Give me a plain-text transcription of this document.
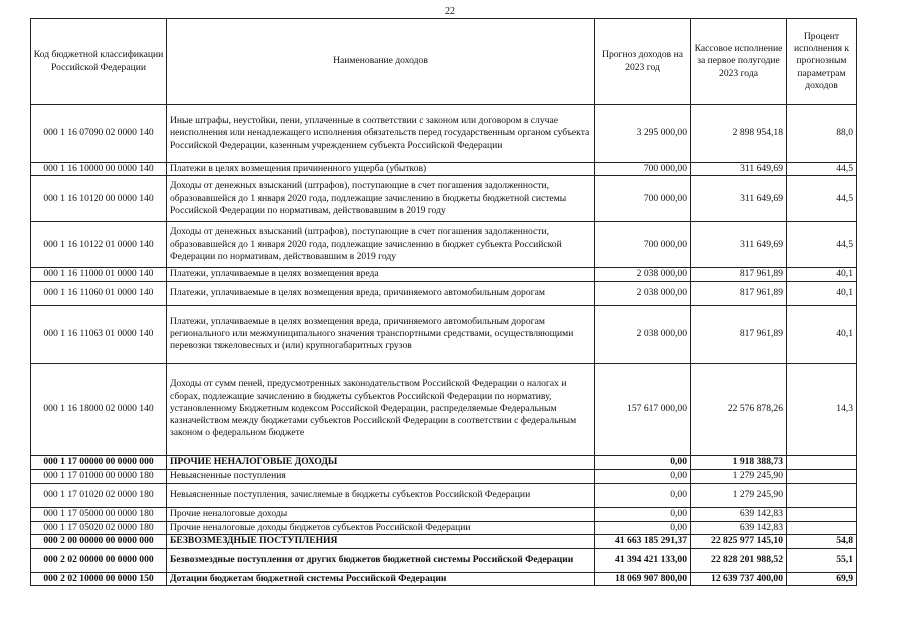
22
Код бюджетной классификации Российской Федерации	Наименование доходов	Прогноз доходов на 2023 год	Кассовое исполнение за первое полугодие 2023 года	Процент исполнения к прогнозным параметрам доходов
000 1 16 07090 02 0000 140	Иные штрафы, неустойки, пени, уплаченные в соответствии с законом или договором в случае неисполнения или ненадлежащего исполнения обязательств перед государственным органом субъекта Российской Федерации, казенным учреждением субъекта Российской Федерации	3 295 000,00	2 898 954,18	88,0
000 1 16 10000 00 0000 140	Платежи в целях возмещения причиненного ущерба (убытков)	700 000,00	311 649,69	44,5
000 1 16 10120 00 0000 140	Доходы от денежных взысканий (штрафов), поступающие в счет погашения задолженности, образовавшейся до 1 января 2020 года, подлежащие зачислению в бюджеты бюджетной системы Российской Федерации по нормативам, действовавшим в 2019 году	700 000,00	311 649,69	44,5
000 1 16 10122 01 0000 140	Доходы от денежных взысканий (штрафов), поступающие в счет погашения задолженности, образовавшейся до 1 января 2020 года, подлежащие зачислению в бюджет субъекта Российской Федерации по нормативам, действовавшим в 2019 году	700 000,00	311 649,69	44,5
000 1 16 11000 01 0000 140	Платежи, уплачиваемые в целях возмещения вреда	2 038 000,00	817 961,89	40,1
000 1 16 11060 01 0000 140	Платежи, уплачиваемые в целях возмещения вреда, причиняемого автомобильным дорогам	2 038 000,00	817 961,89	40,1
000 1 16 11063 01 0000 140	Платежи, уплачиваемые в целях возмещения вреда, причиняемого автомобильным дорогам регионального или межмуниципального значения транспортными средствами, осуществляющими перевозки тяжеловесных и (или) крупногабаритных грузов	2 038 000,00	817 961,89	40,1
000 1 16 18000 02 0000 140	Доходы от сумм пеней, предусмотренных законодательством Российской Федерации о налогах и сборах, подлежащие зачислению в бюджеты субъектов Российской Федерации по нормативу, установленному Бюджетным кодексом Российской Федерации, распределяемые Федеральным казначейством между бюджетами субъектов Российской Федерации в соответствии с федеральным законом о федеральном бюджете	157 617 000,00	22 576 878,26	14,3
000 1 17 00000 00 0000 000	ПРОЧИЕ НЕНАЛОГОВЫЕ ДОХОДЫ	0,00	1 918 388,73	
000 1 17 01000 00 0000 180	Невыясненные поступления	0,00	1 279 245,90	
000 1 17 01020 02 0000 180	Невыясненные поступления, зачисляемые в бюджеты субъектов Российской Федерации	0,00	1 279 245,90	
000 1 17 05000 00 0000 180	Прочие неналоговые доходы	0,00	639 142,83	
000 1 17 05020 02 0000 180	Прочие неналоговые доходы бюджетов субъектов Российской Федерации	0,00	639 142,83	
000 2 00 00000 00 0000 000	БЕЗВОЗМЕЗДНЫЕ ПОСТУПЛЕНИЯ	41 663 185 291,37	22 825 977 145,10	54,8
000 2 02 00000 00 0000 000	Безвозмездные поступления от других бюджетов бюджетной системы Российской Федерации	41 394 421 133,00	22 828 201 988,52	55,1
000 2 02 10000 00 0000 150	Дотации бюджетам бюджетной системы Российской Федерации	18 069 907 800,00	12 639 737 400,00	69,9
